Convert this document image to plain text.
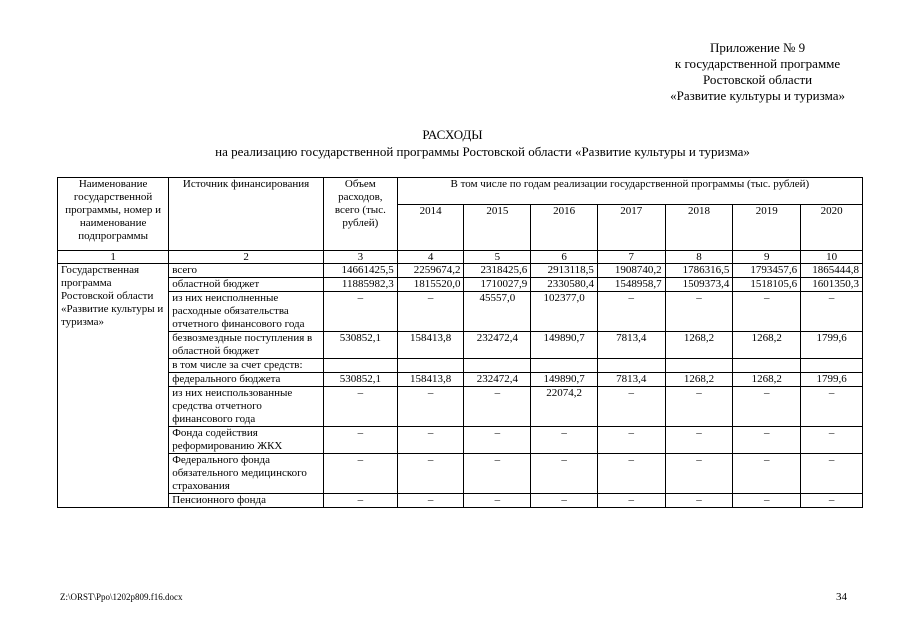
Приложение № 9
к государственной программе
Ростовской области
«Развитие культуры и туризма»
РАСХОДЫ
на реализацию государственной программы Ростовской области «Развитие культуры и туризма»
Наименование государственной программы, номер и наименование подпрограммы	Источник финансирования	Объем расходов, всего (тыс. рублей)	В том числе по годам реализации государственной программы (тыс. рублей)						
			2014	2015	2016	2017	2018	2019	2020
1	2	3	4	5	6	7	8	9	10
Государственная программа Ростовской области «Развитие культуры и туризма»	всего	14661425,5	2259674,2	2318425,6	2913118,5	1908740,2	1786316,5	1793457,6	1865444,8
	областной бюджет	11885982,3	1815520,0	1710027,9	2330580,4	1548958,7	1509373,4	1518105,6	1601350,3
	из них неисполненные расходные обязательства отчетного финансового года	–	–	45557,0	102377,0	–	–	–	–
	безвозмездные поступления в областной бюджет	530852,1	158413,8	232472,4	149890,7	7813,4	1268,2	1268,2	1799,6
	в том числе за счет средств:								
	федерального бюджета	530852,1	158413,8	232472,4	149890,7	7813,4	1268,2	1268,2	1799,6
	из них неиспользованные средства отчетного финансового года	–	–	–	22074,2	–	–	–	–
	Фонда содействия реформированию ЖКХ	–	–	–	–	–	–	–	–
	Федерального фонда обязательного медицинского страхования	–	–	–	–	–	–	–	–
	Пенсионного фонда	–	–	–	–	–	–	–	–
Z:\ORST\Ppo\1202p809.f16.docx	34
